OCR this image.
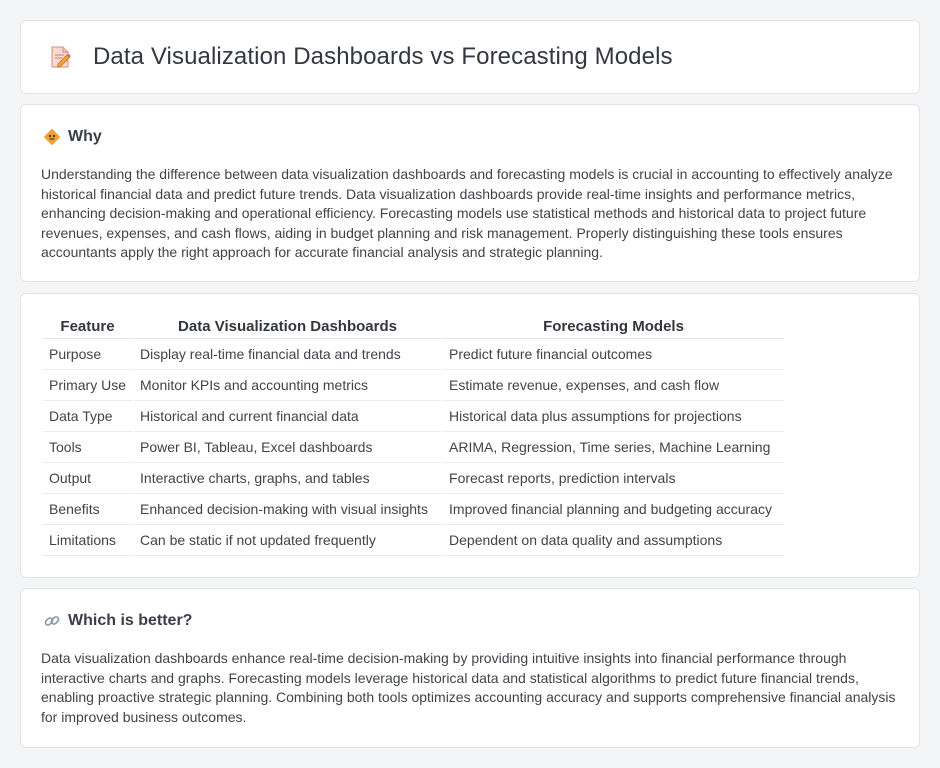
Data Visualization Dashboards vs Forecasting Models
Why

Understanding the difference between data visualization dashboards and forecasting models is crucial in accounting to effectively analyze historical financial data and predict future trends. Data visualization dashboards provide real-time insights and performance metrics, enhancing decision-making and operational efficiency. Forecasting models use statistical methods and historical data to project future revenues, expenses, and cash flows, aiding in budget planning and risk management. Properly distinguishing these tools ensures accountants apply the right approach for accurate financial analysis and strategic planning.

Feature	Data Visualization Dashboards	Forecasting Models
Purpose	Display real-time financial data and trends	Predict future financial outcomes
Primary Use	Monitor KPIs and accounting metrics	Estimate revenue, expenses, and cash flow
Data Type	Historical and current financial data	Historical data plus assumptions for projections
Tools	Power BI, Tableau, Excel dashboards	ARIMA, Regression, Time series, Machine Learning
Output	Interactive charts, graphs, and tables	Forecast reports, prediction intervals
Benefits	Enhanced decision-making with visual insights	Improved financial planning and budgeting accuracy
Limitations	Can be static if not updated frequently	Dependent on data quality and assumptions
Which is better?

Data visualization dashboards enhance real-time decision-making by providing intuitive insights into financial performance through interactive charts and graphs. Forecasting models leverage historical data and statistical algorithms to predict future financial trends, enabling proactive strategic planning. Combining both tools optimizes accounting accuracy and supports comprehensive financial analysis for improved business outcomes.
